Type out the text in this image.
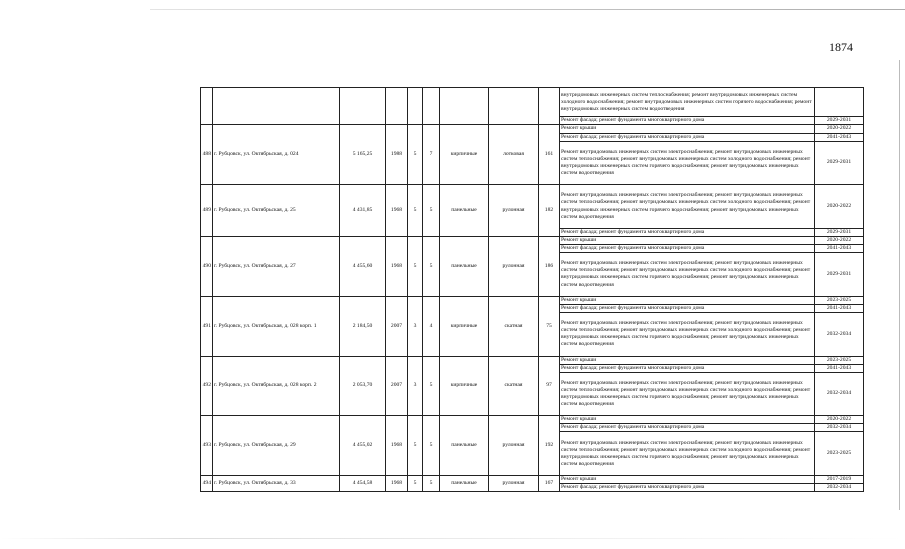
1874
									внутридомовых инженерных систем теплоснабжения; ремонт внутридомовых инженерных систем холодного водоснабжения; ремонт внутридомовых инженерных систем горячего водоснабжения; ремонт внутридомовых инженерных систем водоотведения	
									Ремонт фасада; ремонт фундамента многоквартирного дома	2029-2031
488	г. Рубцовск, ул. Октябрьская, д. 024	5 165,25	1988	5	7	кирпичные	лотковая	161	Ремонт крыши	2020-2022
									Ремонт фасада; ремонт фундамента многоквартирного дома	2041-2043
									Ремонт внутридомовых инженерных систем электроснабжения; ремонт внутридомовых инженерных систем теплоснабжения; ремонт внутридомовых инженерных систем холодного водоснабжения; ремонт внутридомовых инженерных систем горячего водоснабжения; ремонт внутридомовых инженерных систем водоотведения	2029-2031
489	г. Рубцовск, ул. Октябрьская, д. 25	4 431,85	1968	5	5	панельные	рулонная	182	Ремонт внутридомовых инженерных систем электроснабжения; ремонт внутридомовых инженерных систем теплоснабжения; ремонт внутридомовых инженерных систем холодного водоснабжения; ремонт внутридомовых инженерных систем горячего водоснабжения; ремонт внутридомовых инженерных систем водоотведения	2020-2022
									Ремонт фасада; ремонт фундамента многоквартирного дома	2029-2031
490	г. Рубцовск, ул. Октябрьская, д. 27	4 455,60	1968	5	5	панельные	рулонная	186	Ремонт крыши	2020-2022
									Ремонт фасада; ремонт фундамента многоквартирного дома	2041-2043
									Ремонт внутридомовых инженерных систем электроснабжения; ремонт внутридомовых инженерных систем теплоснабжения; ремонт внутридомовых инженерных систем холодного водоснабжения; ремонт внутридомовых инженерных систем горячего водоснабжения; ремонт внутридомовых инженерных систем водоотведения	2029-2031
491	г. Рубцовск, ул. Октябрьская, д. 028 корп. 1	2 184,50	2007	3	4	кирпичные	скатная	75	Ремонт крыши	2023-2025
									Ремонт фасада; ремонт фундамента многоквартирного дома	2041-2043
									Ремонт внутридомовых инженерных систем электроснабжения; ремонт внутридомовых инженерных систем теплоснабжения; ремонт внутридомовых инженерных систем холодного водоснабжения; ремонт внутридомовых инженерных систем горячего водоснабжения; ремонт внутридомовых инженерных систем водоотведения	2032-2034
492	г. Рубцовск, ул. Октябрьская, д. 028 корп. 2	2 053,70	2007	3	5	кирпичные	скатная	97	Ремонт крыши	2023-2025
									Ремонт фасада; ремонт фундамента многоквартирного дома	2041-2043
									Ремонт внутридомовых инженерных систем электроснабжения; ремонт внутридомовых инженерных систем теплоснабжения; ремонт внутридомовых инженерных систем холодного водоснабжения; ремонт внутридомовых инженерных систем горячего водоснабжения; ремонт внутридомовых инженерных систем водоотведения	2032-2034
493	г. Рубцовск, ул. Октябрьская, д. 29	4 455,02	1968	5	5	панельные	рулонная	192	Ремонт крыши	2020-2022
									Ремонт фасада; ремонт фундамента многоквартирного дома	2032-2034
									Ремонт внутридомовых инженерных систем электроснабжения; ремонт внутридомовых инженерных систем теплоснабжения; ремонт внутридомовых инженерных систем холодного водоснабжения; ремонт внутридомовых инженерных систем горячего водоснабжения; ремонт внутридомовых инженерных систем водоотведения	2023-2025
494	г. Рубцовск, ул. Октябрьская, д. 33	4 454,58	1968	5	5	панельные	рулонная	167	Ремонт крыши	2017-2019
									Ремонт фасада; ремонт фундамента многоквартирного дома	2032-2034
